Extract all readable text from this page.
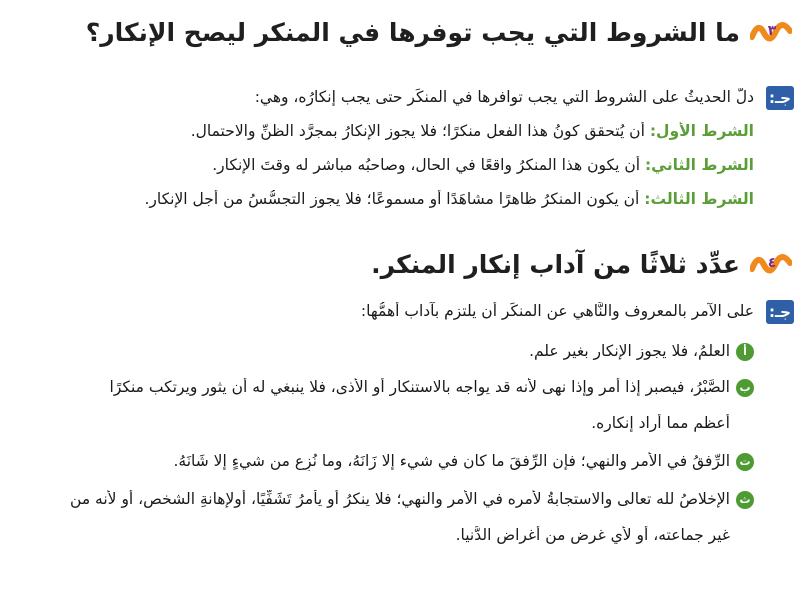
٣
ما الشروط التي يجب توفرها في المنكر ليصح الإنكار؟
جـ:
دلَّ الحديثُ على الشروط التي يجب توافرها في المنكَر حتى يجب إنكارُه، وهي:
الشرط الأول: أن يُتحقق كونُ هذا الفعلِ منكرًا؛ فلا يجوز الإنكارُ بمجرَّد الظنِّ والاحتمال.
الشرط الثاني: أن يكون هذا المنكرُ واقعًا في الحال، وصاحبُه مباشر له وقتَ الإنكار.
الشرط الثالث: أن يكون المنكرُ ظاهرًا مشاهَدًا أو مسموعًا؛ فلا يجوز التجسُّسُ من أجل الإنكار.
٤
عدِّد ثلاثًا من آداب إنكار المنكر.
جـ:
على الآمر بالمعروف والنَّاهي عن المنكَر أن يلتزم بآداب أهمُّها:
أالعلمُ، فلا يجوز الإنكار بغير علم.
بالصَّبْرُ، فيصبر إذا أمر وإذا نهى لأنه قد يواجه بالاستنكار أو الأذى، فلا ينبغي له أن يثور ويرتكب منكرًا
أعظم مما أراد إنكاره.
تالرِّفقُ في الأمر والنهي؛ فإن الرِّفقَ ما كان في شيء إلا زَانَهُ، وما نُزِع من شيءٍ إلا شَانَهُ.
ثالإخلاصُ لله تعالى والاستجابةُ لأمره في الأمر والنهي؛ فلا ينكرُ أو يأمرُ تَشَفِّيًا، أولإهانةِ الشخص، أو لأنه من
غير جماعته، أو لأي غرض من أغراض الدُّنيا.
